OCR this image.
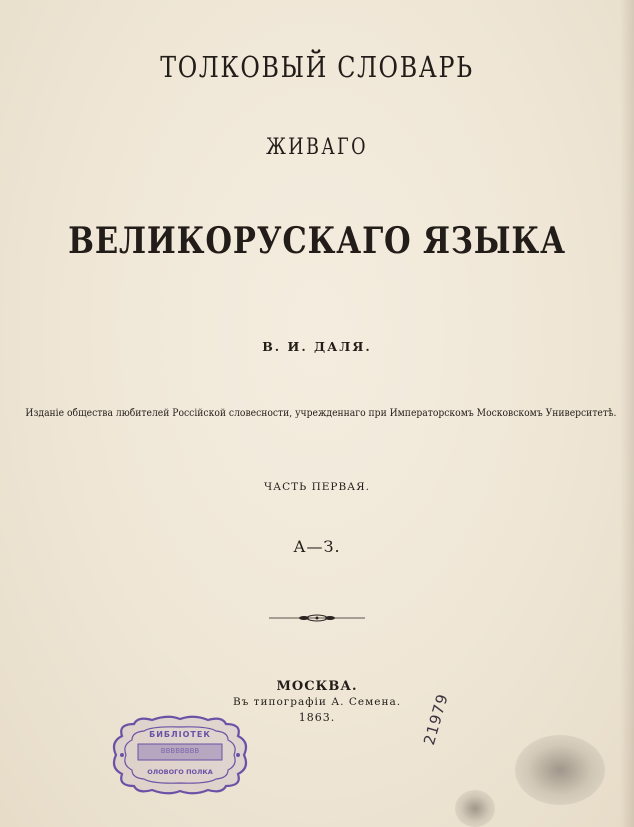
ТОЛКОВЫЙ СЛОВАРЬ
ЖИВАГО
ВЕЛИКОРУСКАГО ЯЗЫКА
В. И. ДАЛЯ.
Изданіе общества любителей Россійской словесности, учрежденнаго при Императорскомъ Московскомъ Университетѣ.
ЧАСТЬ ПЕРВАЯ.
А—З.
МОСКВА.
Въ типографіи А. Семена.
1863.
БИБЛІОТЕК
ВВВВВВВВ
ОЛОВОГО ПОЛКА
21979
